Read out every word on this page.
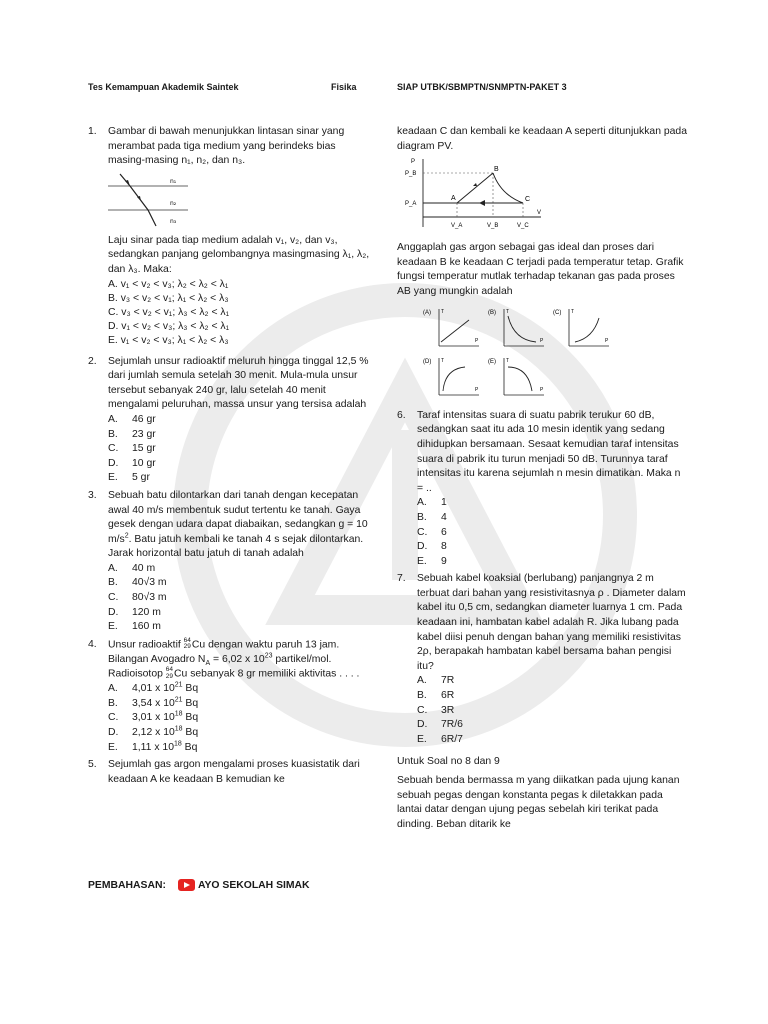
Tes Kemampuan Akademik Saintek	Fisika	SIAP UTBK/SBMPTN/SNMPTN-PAKET 3
1. Gambar di bawah menunjukkan lintasan sinar yang merambat pada tiga medium yang berindeks bias masing-masing n₁, n₂, dan n₃.
n₁
n₂
n₃
Laju sinar pada tiap medium adalah v₁, v₂, dan v₃, sedangkan panjang gelombangnya masingmasing λ₁, λ₂, dan λ₃. Maka:
A. v₁ < v₂ < v₃; λ₂ < λ₂ < λ₁
B. v₃ < v₂ < v₁; λ₁ < λ₂ < λ₃
C. v₃ < v₂ < v₁; λ₃ < λ₂ < λ₁
D. v₁ < v₂ < v₃; λ₃ < λ₂ < λ₁
E. v₁ < v₂ < v₃; λ₁ < λ₂ < λ₃
2. Sejumlah unsur radioaktif meluruh hingga tinggal 12,5 % dari jumlah semula setelah 30 menit. Mula-mula unsur tersebut sebanyak 240 gr, lalu setelah 40 menit mengalami peluruhan, massa unsur yang tersisa adalah
A. 46 gr
B. 23 gr
C. 15 gr
D. 10 gr
E. 5 gr
3. Sebuah batu dilontarkan dari tanah dengan kecepatan awal 40 m/s membentuk sudut tertentu ke tanah. Gaya gesek dengan udara dapat diabaikan, sedangkan g = 10 $m/s^2$. Batu jatuh kembali ke tanah 4 s sejak dilontarkan. Jarak horizontal batu jatuh di tanah adalah
A. 40 m
B. 40√3 m
C. 80√3 m
D. 120 m
E. 160 m
4. Unsur radioaktif 64
29Cu dengan waktu paruh 13 jam. Bilangan Avogadro $N_A = 6,02$ x $10^{23}$ partikel/mol. Radioisotop 64
29Cu sebanyak 8 gr memiliki aktivitas . . . .
A. 4,01 x $10^{21}$ Bq
B. 3,54 x $10^{21}$ Bq
C. 3,01 x $10^{18}$ Bq
D. 2,12 x $10^{18}$ Bq
E. 1,11 x $10^{18}$ Bq
5. Sejumlah gas argon mengalami proses kuasistatik dari keadaan A ke keadaan B kemudian ke
keadaan C dan kembali ke keadaan A seperti ditunjukkan pada diagram PV.
P
P_B
P_A
A
B
C
V_A	V_B	V_C
V
Anggaplah gas argon sebagai gas ideal dan proses dari keadaan B ke keadaan C terjadi pada temperatur tetap. Grafik fungsi temperatur mutlak terhadap tekanan gas pada proses AB yang mungkin adalah
(A) T
P

(B) T
P

(C) T
P

(D) T
P

(E) T
P
6. Taraf intensitas suara di suatu pabrik terukur 60 dB, sedangkan saat itu ada 10 mesin identik yang sedang dihidupkan bersamaan. Sesaat kemudian taraf intensitas suara di pabrik itu turun menjadi 50 dB. Turunnya taraf intensitas itu karena sejumlah n mesin dimatikan. Maka n = ..
A. 1
B. 4
C. 6
D. 8
E. 9
7. Sebuah kabel koaksial (berlubang) panjangnya 2 m terbuat dari bahan yang resistivitasnya ρ . Diameter dalam kabel itu 0,5 cm, sedangkan diameter luarnya 1 cm. Pada keadaan ini, hambatan kabel adalah R. Jika lubang pada kabel diisi penuh dengan bahan yang memiliki resistivitas 2ρ, berapakah hambatan kabel bersama bahan pengisi itu?
A. 7R
B. 6R
C. 3R
D. 7R/6
E. 6R/7
Untuk Soal no 8 dan 9
Sebuah benda bermassa m yang diikatkan pada ujung kanan sebuah pegas dengan konstanta pegas k diletakkan pada lantai datar dengan ujung pegas sebelah kiri terikat pada dinding. Beban ditarik ke
PEMBAHASAN:	AYO SEKOLAH SIMAK
